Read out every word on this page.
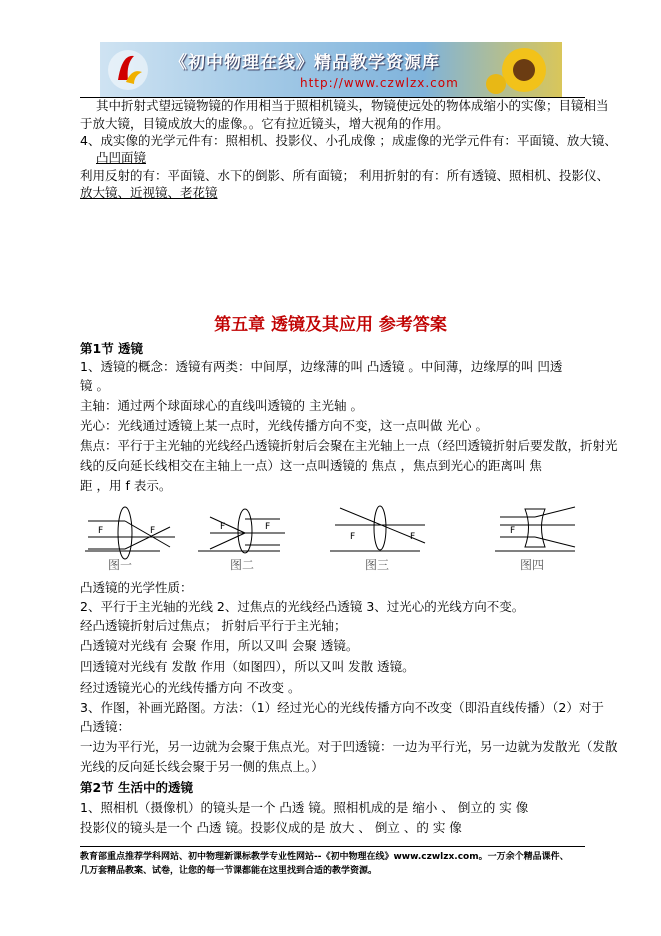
《初中物理在线》精品教学资源库
http://www.czwlzx.com
其中折射式望远镜物镜的作用相当于照相机镜头，物镜使远处的物体成缩小的实像；目镜相当
于放大镜，目镜成放大的虚像。。它有拉近镜头，增大视角的作用。
4、成实像的光学元件有：照相机、投影仪、小孔成像 ；成虚像的光学元件有：平面镜、放大镜、
凸凹面镜
利用反射的有：平面镜、水下的倒影、所有面镜； 利用折射的有：所有透镜、照相机、投影仪、
放大镜、近视镜、老花镜
第五章 透镜及其应用 参考答案
第1节 透镜
1、透镜的概念：透镜有两类：中间厚，边缘薄的叫 凸透镜 。中间薄，边缘厚的叫 凹透
镜 。
主轴：通过两个球面球心的直线叫透镜的 主光轴 。
光心：光线通过透镜上某一点时，光线传播方向不变，这一点叫做 光心 。
焦点：平行于主光轴的光线经凸透镜折射后会聚在主光轴上一点（经凹透镜折射后要发散，折射光
线的反向延长线相交在主轴上一点）这一点叫透镜的 焦点 ，焦点到光心的距离叫 焦
距 ，用 f 表示。
F	F	F	F
F	F
F
图一	图二	图三	图四
凸透镜的光学性质：
2、平行于主光轴的光线 2、过焦点的光线经凸透镜 3、过光心的光线方向不变。
经凸透镜折射后过焦点； 折射后平行于主光轴；
凸透镜对光线有 会聚 作用，所以又叫 会聚 透镜。
凹透镜对光线有 发散 作用（如图四），所以又叫 发散 透镜。
经过透镜光心的光线传播方向 不改变 。
3、作图，补画光路图。方法：（1）经过光心的光线传播方向不改变（即沿直线传播）（2）对于
凸透镜：
一边为平行光，另一边就为会聚于焦点光。对于凹透镜：一边为平行光，另一边就为发散光（发散
光线的反向延长线会聚于另一侧的焦点上。）
第2节 生活中的透镜
1、照相机（摄像机）的镜头是一个 凸透 镜。照相机成的是 缩小 、 倒立的 实 像
投影仪的镜头是一个 凸透 镜。投影仪成的是 放大 、 倒立 、的 实 像
教育部重点推荐学科网站、初中物理新课标教学专业性网站--《初中物理在线》www.czwlzx.com。一万余个精品课件、
几万套精品教案、试卷，让您的每一节课都能在这里找到合适的教学资源。
